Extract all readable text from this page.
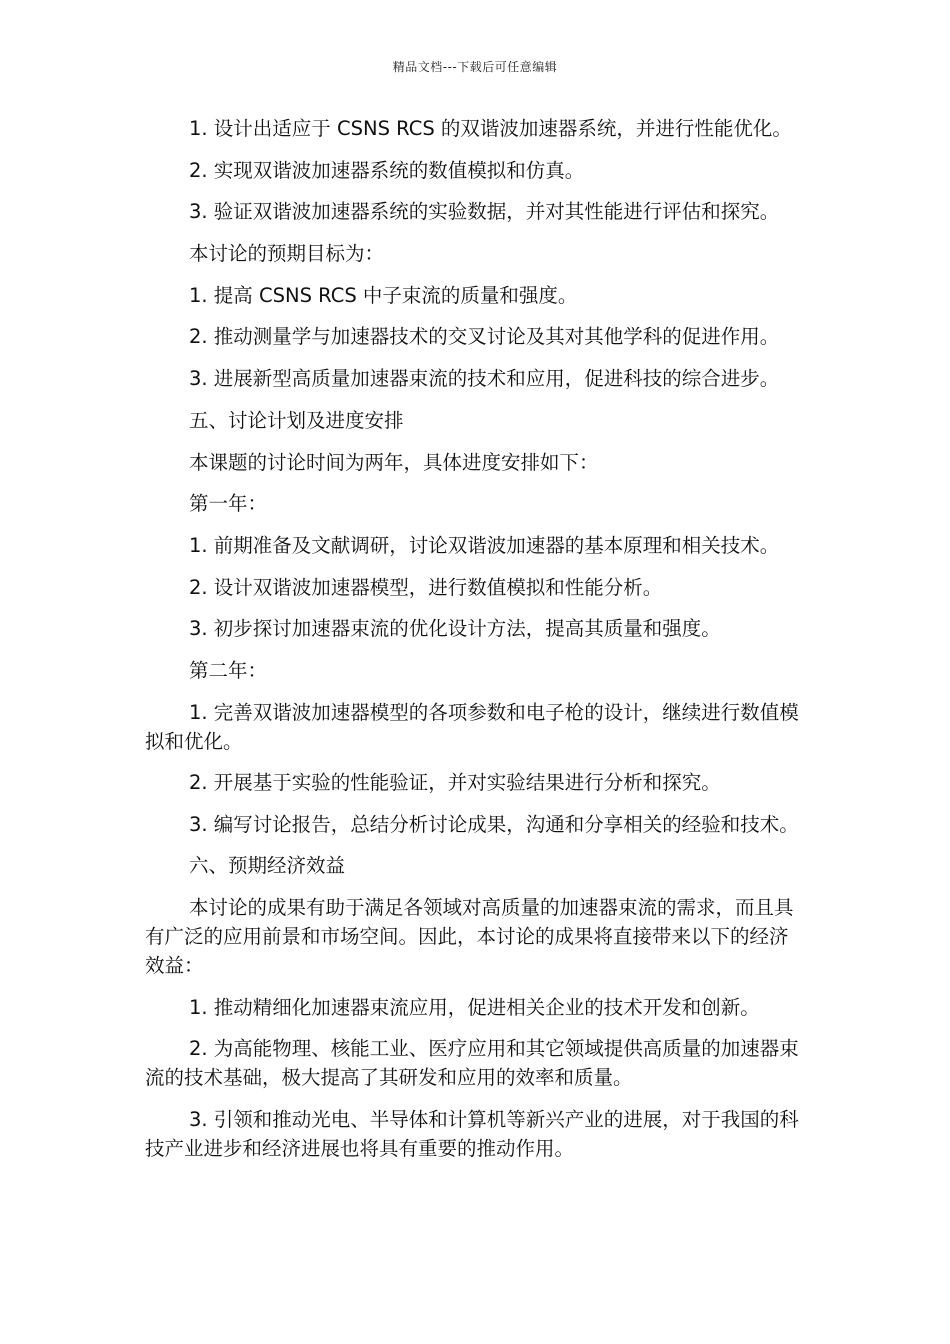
精品文档---下载后可任意编辑

1. 设计出适应于 CSNS RCS 的双谐波加速器系统，并进行性能优化。

2. 实现双谐波加速器系统的数值模拟和仿真。

3. 验证双谐波加速器系统的实验数据，并对其性能进行评估和探究。

本讨论的预期目标为：

1. 提高 CSNS RCS 中子束流的质量和强度。

2. 推动测量学与加速器技术的交叉讨论及其对其他学科的促进作用。

3. 进展新型高质量加速器束流的技术和应用，促进科技的综合进步。

五、讨论计划及进度安排

本课题的讨论时间为两年，具体进度安排如下：

第一年：

1. 前期准备及文献调研，讨论双谐波加速器的基本原理和相关技术。

2. 设计双谐波加速器模型，进行数值模拟和性能分析。

3. 初步探讨加速器束流的优化设计方法，提高其质量和强度。

第二年：

1. 完善双谐波加速器模型的各项参数和电子枪的设计，继续进行数值模拟和优化。

2. 开展基于实验的性能验证，并对实验结果进行分析和探究。

3. 编写讨论报告，总结分析讨论成果，沟通和分享相关的经验和技术。

六、预期经济效益

本讨论的成果有助于满足各领域对高质量的加速器束流的需求，而且具有广泛的应用前景和市场空间。因此，本讨论的成果将直接带来以下的经济效益：

1. 推动精细化加速器束流应用，促进相关企业的技术开发和创新。

2. 为高能物理、核能工业、医疗应用和其它领域提供高质量的加速器束流的技术基础，极大提高了其研发和应用的效率和质量。

3. 引领和推动光电、半导体和计算机等新兴产业的进展，对于我国的科技产业进步和经济进展也将具有重要的推动作用。
